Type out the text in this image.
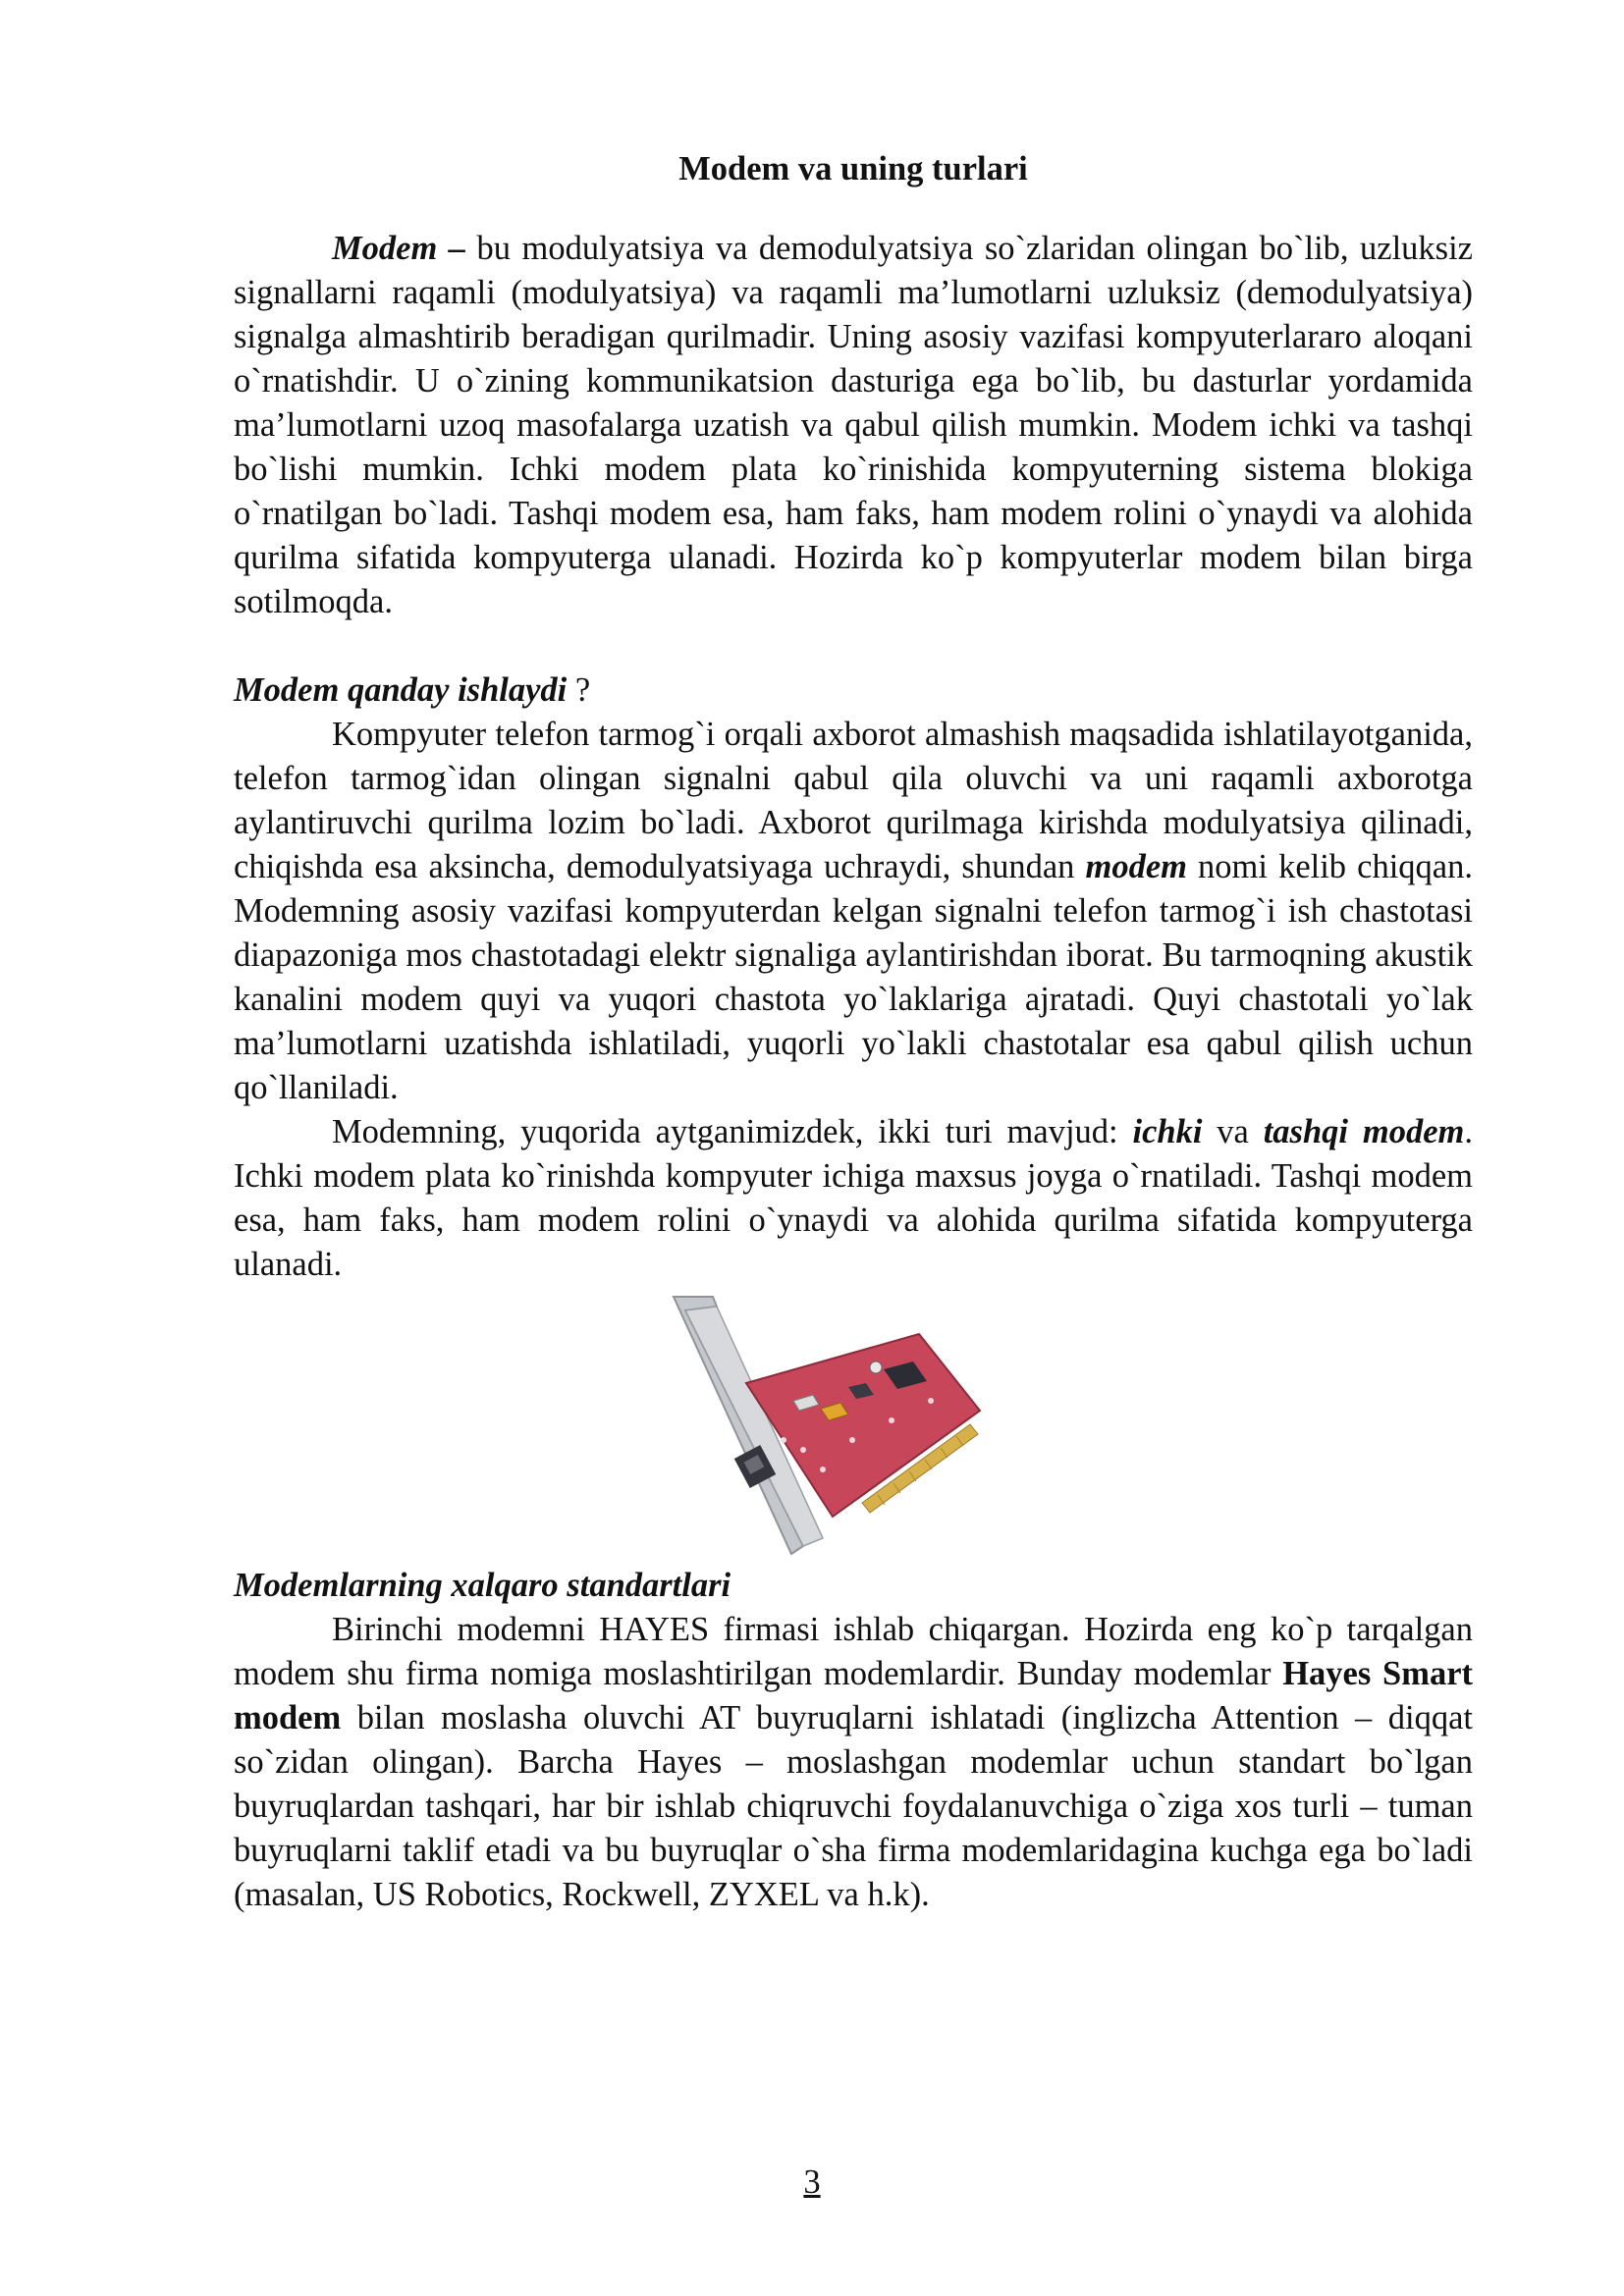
Modem va uning turlari

Modem – bu modulyatsiya va demodulyatsiya so`zlaridan olingan bo`lib, uzluksiz signallarni raqamli (modulyatsiya) va raqamli ma’lumotlarni uzluksiz (demodulyatsiya) signalga almashtirib beradigan qurilmadir. Uning asosiy vazifasi kompyuterlararo aloqani o`rnatishdir. U o`zining kommunikatsion dasturiga ega bo`lib, bu dasturlar yordamida ma’lumotlarni uzoq masofalarga uzatish va qabul qilish mumkin. Modem ichki va tashqi bo`lishi mumkin. Ichki modem plata ko`rinishida kompyuterning sistema blokiga o`rnatilgan bo`ladi. Tashqi modem esa, ham faks, ham modem rolini o`ynaydi va alohida qurilma sifatida kompyuterga ulanadi. Hozirda ko`p kompyuterlar modem bilan birga sotilmoqda.

Modem qanday ishlaydi ?

Kompyuter telefon tarmog`i orqali axborot almashish maqsadida ishlatilayotganida, telefon tarmog`idan olingan signalni qabul qila oluvchi va uni raqamli axborotga aylantiruvchi qurilma lozim bo`ladi. Axborot qurilmaga kirishda modulyatsiya qilinadi, chiqishda esa aksincha, demodulyatsiyaga uchraydi, shundan modem nomi kelib chiqqan. Modemning asosiy vazifasi kompyuterdan kelgan signalni telefon tarmog`i ish chastotasi diapazoniga mos chastotadagi elektr signaliga aylantirishdan iborat. Bu tarmoqning akustik kanalini modem quyi va yuqori chastota yo`laklariga ajratadi. Quyi chastotali yo`lak ma’lumotlarni uzatishda ishlatiladi, yuqorli yo`lakli chastotalar esa qabul qilish uchun qo`llaniladi.

Modemning, yuqorida aytganimizdek, ikki turi mavjud: ichki va tashqi modem. Ichki modem plata ko`rinishda kompyuter ichiga maxsus joyga o`rnatiladi. Tashqi modem esa, ham faks, ham modem rolini o`ynaydi va alohida qurilma sifatida kompyuterga ulanadi.

Modemlarning xalqaro standartlari

Birinchi modemni HAYES firmasi ishlab chiqargan. Hozirda eng ko`p tarqalgan modem shu firma nomiga moslashtirilgan modemlardir. Bunday modemlar Hayes Smart modem bilan moslasha oluvchi AT buyruqlarni ishlatadi (inglizcha Attention – diqqat so`zidan olingan). Barcha Hayes – moslashgan modemlar uchun standart bo`lgan buyruqlardan tashqari, har bir ishlab chiqruvchi foydalanuvchiga o`ziga xos turli – tuman buyruqlarni taklif etadi va bu buyruqlar o`sha firma modemlaridagina kuchga ega bo`ladi (masalan, US Robotics, Rockwell, ZYXEL va h.k).

3
